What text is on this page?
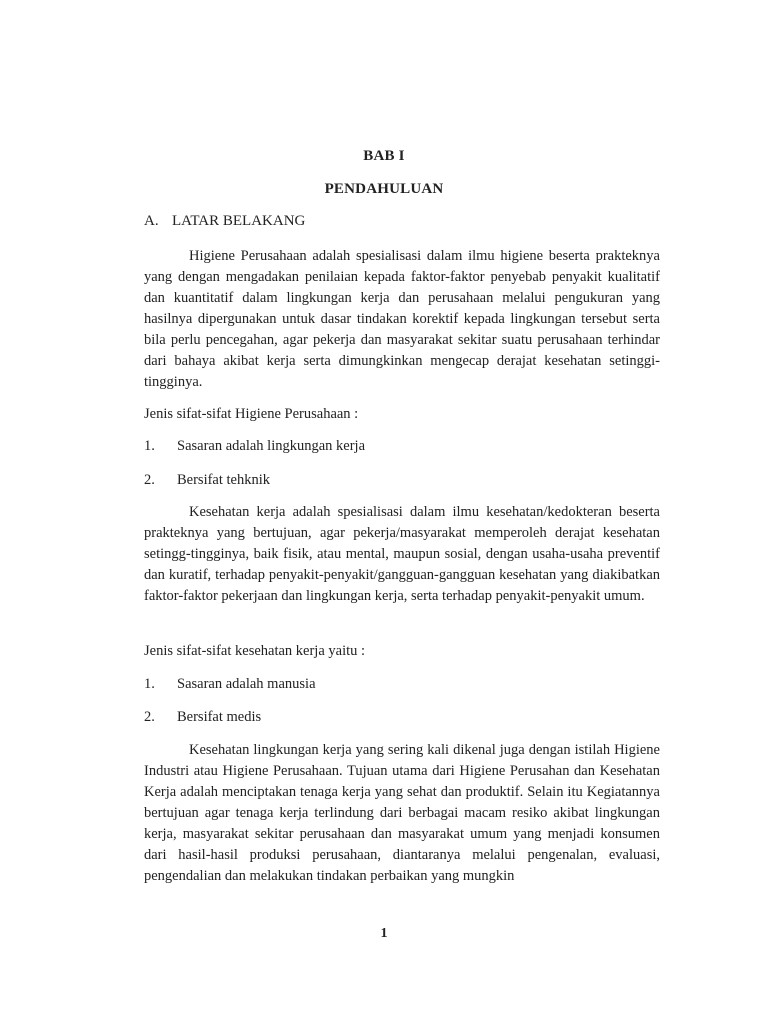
BAB I
PENDAHULUAN
A. LATAR BELAKANG

Higiene Perusahaan adalah spesialisasi dalam ilmu higiene beserta prakteknya yang dengan mengadakan penilaian kepada faktor-faktor penyebab penyakit kualitatif dan kuantitatif dalam lingkungan kerja dan perusahaan melalui pengukuran yang hasilnya dipergunakan untuk dasar tindakan korektif kepada lingkungan tersebut serta bila perlu pencegahan, agar pekerja dan masyarakat sekitar suatu perusahaan terhindar dari bahaya akibat kerja serta dimungkinkan mengecap derajat kesehatan setinggi-tingginya.

Jenis sifat-sifat Higiene Perusahaan :
1. Sasaran adalah lingkungan kerja
2. Bersifat tehknik

Kesehatan kerja adalah spesialisasi dalam ilmu kesehatan/kedokteran beserta prakteknya yang bertujuan, agar pekerja/masyarakat memperoleh derajat kesehatan setingg-tingginya, baik fisik, atau mental, maupun sosial, dengan usaha-usaha preventif dan kuratif, terhadap penyakit-penyakit/gangguan-gangguan kesehatan yang diakibatkan faktor-faktor pekerjaan dan lingkungan kerja, serta terhadap penyakit-penyakit umum.

Jenis sifat-sifat kesehatan kerja yaitu :
1. Sasaran adalah manusia
2. Bersifat medis

Kesehatan lingkungan kerja yang sering kali dikenal juga dengan istilah Higiene Industri atau Higiene Perusahaan. Tujuan utama dari Higiene Perusahan dan Kesehatan Kerja adalah menciptakan tenaga kerja yang sehat dan produktif. Selain itu Kegiatannya bertujuan agar tenaga kerja terlindung dari berbagai macam resiko akibat lingkungan kerja, masyarakat sekitar perusahaan dan masyarakat umum yang menjadi konsumen dari hasil-hasil produksi perusahaan, diantaranya melalui pengenalan, evaluasi, pengendalian dan melakukan tindakan perbaikan yang mungkin

1
